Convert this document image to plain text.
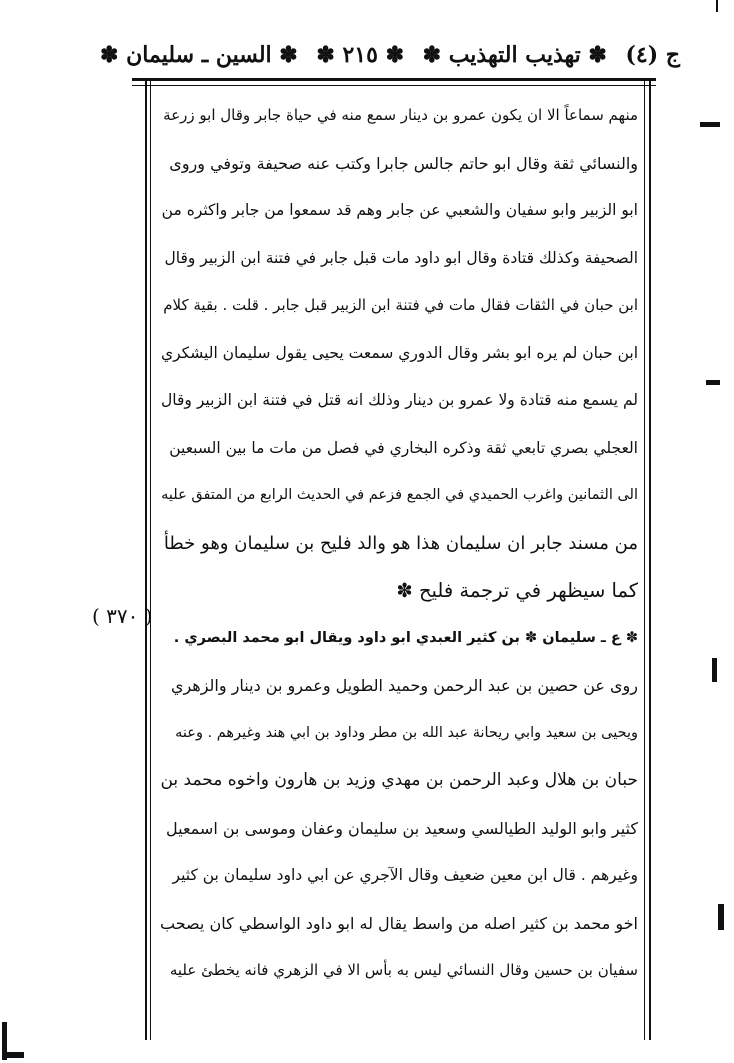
ج (٤)
✽ تهذيب التهذيب ✽
✽ ٢١٥ ✽
✽ السين ـ سليمان ✽
( ٣٧٠ )
منهم سماعاً الا ان يكون عمرو بن دينار سمع منه في حياة جابر وقال ابو زرعة
والنسائي ثقة وقال ابو حاتم جالس جابرا وكتب عنه صحيفة وتوفي وروى
ابو الزبير وابو سفيان والشعبي عن جابر وهم قد سمعوا من جابر واكثره من
الصحيفة وكذلك قتادة وقال ابو داود مات قبل جابر في فتنة ابن الزبير وقال
ابن حبان في الثقات فقال مات في فتنة ابن الزبير قبل جابر . قلت . بقية كلام
ابن حبان لم يره ابو بشر وقال الدوري سمعت يحيى يقول سليمان اليشكري
لم يسمع منه قتادة ولا عمرو بن دينار وذلك انه قتل في فتنة ابن الزبير وقال
العجلي بصري تابعي ثقة وذكره البخاري في فصل من مات ما بين السبعين
الى الثمانين واغرب الحميدي في الجمع فزعم في الحديث الرابع من المتفق عليه
من مسند جابر ان سليمان هذا هو والد فليح بن سليمان وهو خطأ
كما سيظهر في ترجمة فليح ✽
✽ ع ـ سليمان ✽ بن كثير العبدي ابو داود ويقال ابو محمد البصري .
روى عن حصين بن عبد الرحمن وحميد الطويل وعمرو بن دينار والزهري
ويحيى بن سعيد وابي ريحانة عبد الله بن مطر وداود بن ابي هند وغيرهم . وعنه
حبان بن هلال وعبد الرحمن بن مهدي وزيد بن هارون واخوه محمد بن
كثير وابو الوليد الطيالسي وسعيد بن سليمان وعفان وموسى بن اسمعيل
وغيرهم . قال ابن معين ضعيف وقال الآجري عن ابي داود سليمان بن كثير
اخو محمد بن كثير اصله من واسط يقال له ابو داود الواسطي كان يصحب
سفيان بن حسين وقال النسائي ليس به بأس الا في الزهري فانه يخطئ عليه
